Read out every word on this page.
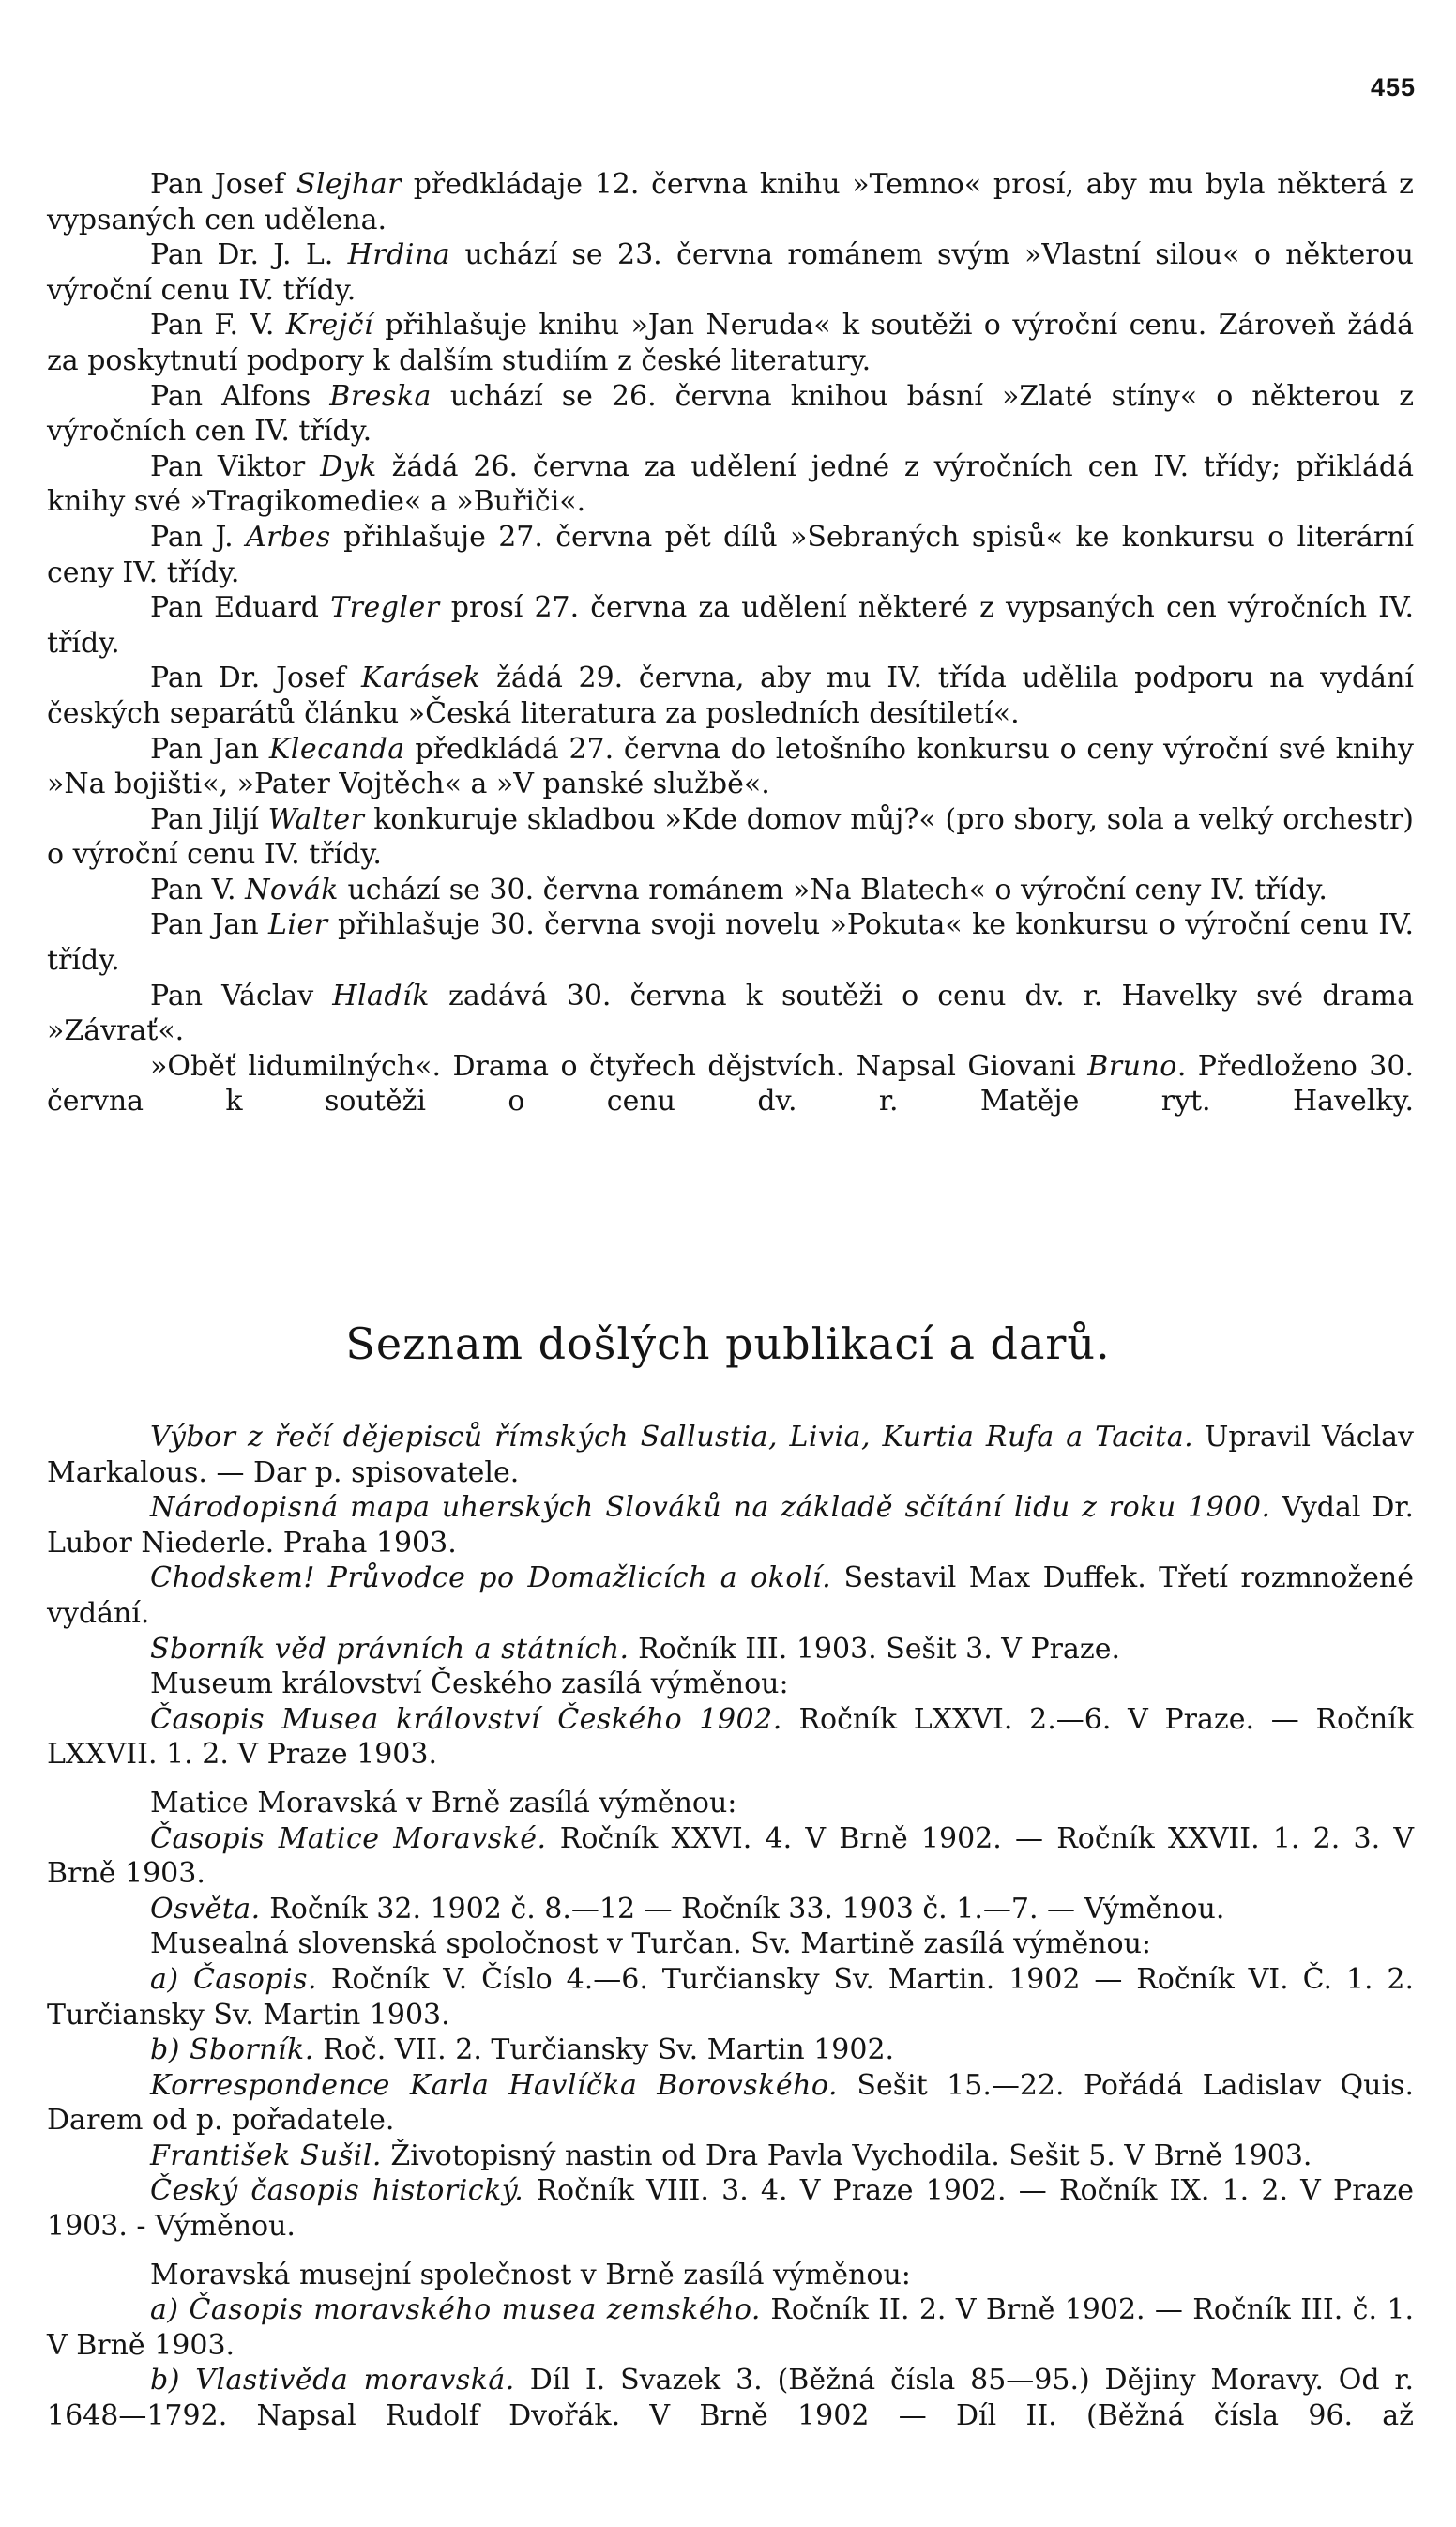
455

Pan Josef Slejhar předkládaje 12. června knihu »Temno« prosí, aby mu byla některá z vypsaných cen udělena.

Pan Dr. J. L. Hrdina uchází se 23. června románem svým »Vlastní silou« o některou výroční cenu IV. třídy.

Pan F. V. Krejčí přihlašuje knihu »Jan Neruda« k soutěži o výroční cenu. Zároveň žádá za poskytnutí podpory k dalším studiím z české literatury.

Pan Alfons Breska uchází se 26. června knihou básní »Zlaté stíny« o některou z výročních cen IV. třídy.

Pan Viktor Dyk žádá 26. června za udělení jedné z výročních cen IV. třídy; přikládá knihy své »Tragikomedie« a »Buřiči«.

Pan J. Arbes přihlašuje 27. června pět dílů »Sebraných spisů« ke konkursu o literární ceny IV. třídy.

Pan Eduard Tregler prosí 27. června za udělení některé z vypsaných cen výročních IV. třídy.

Pan Dr. Josef Karásek žádá 29. června, aby mu IV. třída udělila podporu na vydání českých separátů článku »Česká literatura za posledních desítiletí«.

Pan Jan Klecanda předkládá 27. června do letošního konkursu o ceny výroční své knihy »Na bojišti«, »Pater Vojtěch« a »V panské službě«.

Pan Jiljí Walter konkuruje skladbou »Kde domov můj?« (pro sbory, sola a velký orchestr) o výroční cenu IV. třídy.

Pan V. Novák uchází se 30. června románem »Na Blatech« o výroční ceny IV. třídy.

Pan Jan Lier přihlašuje 30. června svoji novelu »Pokuta« ke konkursu o výroční cenu IV. třídy.

Pan Václav Hladík zadává 30. června k soutěži o cenu dv. r. Havelky své drama »Závrať«.

»Oběť lidumilných«. Drama o čtyřech dějstvích. Napsal Giovani Bruno. Předloženo 30. června k soutěži o cenu dv. r. Matěje ryt. Havelky.

Seznam došlých publikací a darů.

Výbor z řečí dějepisců římských Sallustia, Livia, Kurtia Rufa a Tacita. Upravil Václav Markalous. — Dar p. spisovatele.

Národopisná mapa uherských Slováků na základě sčítání lidu z roku 1900. Vydal Dr. Lubor Niederle. Praha 1903.

Chodskem! Průvodce po Domažlicích a okolí. Sestavil Max Duffek. Třetí rozmnožené vydání.

Sborník věd právních a státních. Ročník III. 1903. Sešit 3. V Praze.

Museum království Českého zasílá výměnou:

Časopis Musea království Českého 1902. Ročník LXXVI. 2.—6. V Praze. — Ročník LXXVII. 1. 2. V Praze 1903.

Matice Moravská v Brně zasílá výměnou:

Časopis Matice Moravské. Ročník XXVI. 4. V Brně 1902. — Ročník XXVII. 1. 2. 3. V Brně 1903.

Osvěta. Ročník 32. 1902 č. 8.—12 — Ročník 33. 1903 č. 1.—7. — Výměnou.

Musealná slovenská spoločnost v Turčan. Sv. Martině zasílá výměnou:

a) Časopis. Ročník V. Číslo 4.—6. Turčiansky Sv. Martin. 1902 — Ročník VI. Č. 1. 2. Turčiansky Sv. Martin 1903.

b) Sborník. Roč. VII. 2. Turčiansky Sv. Martin 1902.

Korrespondence Karla Havlíčka Borovského. Sešit 15.—22. Pořádá Ladislav Quis. Darem od p. pořadatele.

František Sušil. Životopisný nastin od Dra Pavla Vychodila. Sešit 5. V Brně 1903.

Český časopis historický. Ročník VIII. 3. 4. V Praze 1902. — Ročník IX. 1. 2. V Praze 1903. - Výměnou.

Moravská musejní společnost v Brně zasílá výměnou:

a) Časopis moravského musea zemského. Ročník II. 2. V Brně 1902. — Ročník III. č. 1. V Brně 1903.

b) Vlastivěda moravská. Díl I. Svazek 3. (Běžná čísla 85—95.) Dějiny Moravy. Od r. 1648—1792. Napsal Rudolf Dvořák. V Brně 1902 — Díl II. (Běžná čísla 96. až
